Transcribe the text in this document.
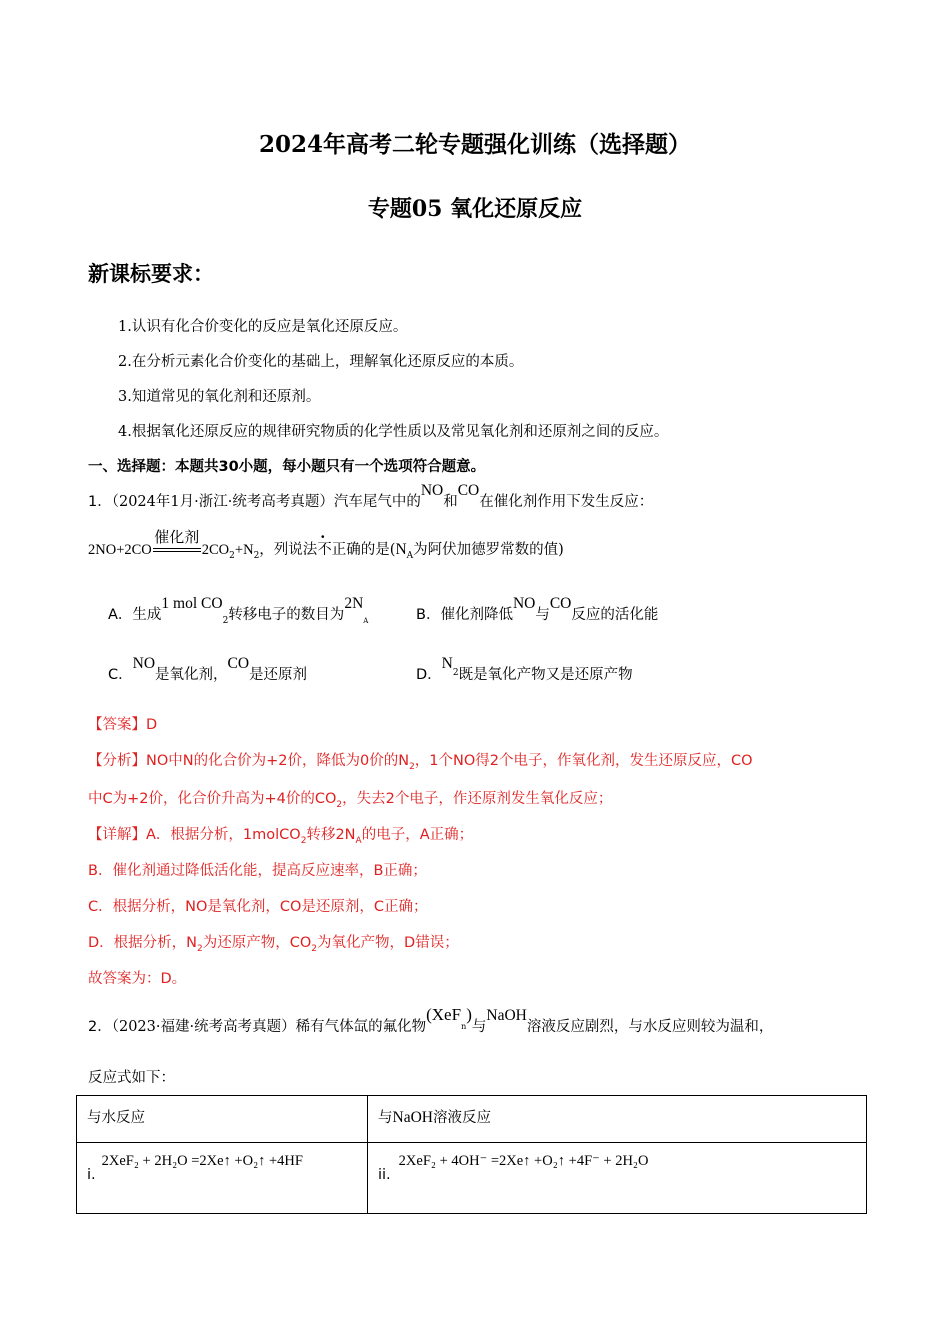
2024年高考二轮专题强化训练（选择题）
专题05 氧化还原反应
新课标要求：
1.认识有化合价变化的反应是氧化还原反应。
2.在分析元素化合价变化的基础上，理解氧化还原反应的本质。
3.知道常见的氧化剂和还原剂。
4.根据氧化还原反应的规律研究物质的化学性质以及常见氧化剂和还原剂之间的反应。
一、选择题：本题共30小题，每小题只有一个选项符合题意。
1．（2024年1月·浙江·统考高考真题）汽车尾气中的NO和CO在催化剂作用下发生反应：
2NO+2CO
催化剂
$2CO_2+N_2$，列说法不正确的是($N_A$为阿伏加德罗常数的值)
A．生成1 mol $CO_2$转移电子的数目为$2N_A$	B．催化剂降低NO与CO反应的活化能
C．NO是氧化剂，CO是还原剂	D．$N_2$既是氧化产物又是还原产物
【答案】D
【分析】NO中N的化合价为+2价，降低为0价的$N_2$，1个NO得2个电子，作氧化剂，发生还原反应，CO
中C为+2价，化合价升高为+4价的$CO_2$，失去2个电子，作还原剂发生氧化反应；
【详解】A．根据分析，1molCO$_2$转移$2N_A$的电子，A正确；
B．催化剂通过降低活化能，提高反应速率，B正确；
C．根据分析，NO是氧化剂，CO是还原剂，C正确；
D．根据分析，$N_2$为还原产物，$CO_2$为氧化产物，D错误；
故答案为：D。
2．（2023·福建·统考高考真题）稀有气体氙的氟化物(XeF$_n$)与NaOH溶液反应剧烈，与水反应则较为温和，
反应式如下：
与水反应	与NaOH溶液反应
i.2XeF₂ + 2H₂O =2Xe↑ +O₂↑ +4HF	ii.2XeF₂ + 4OH⁻ =2Xe↑ +O₂↑ +4F⁻ + 2H₂O
